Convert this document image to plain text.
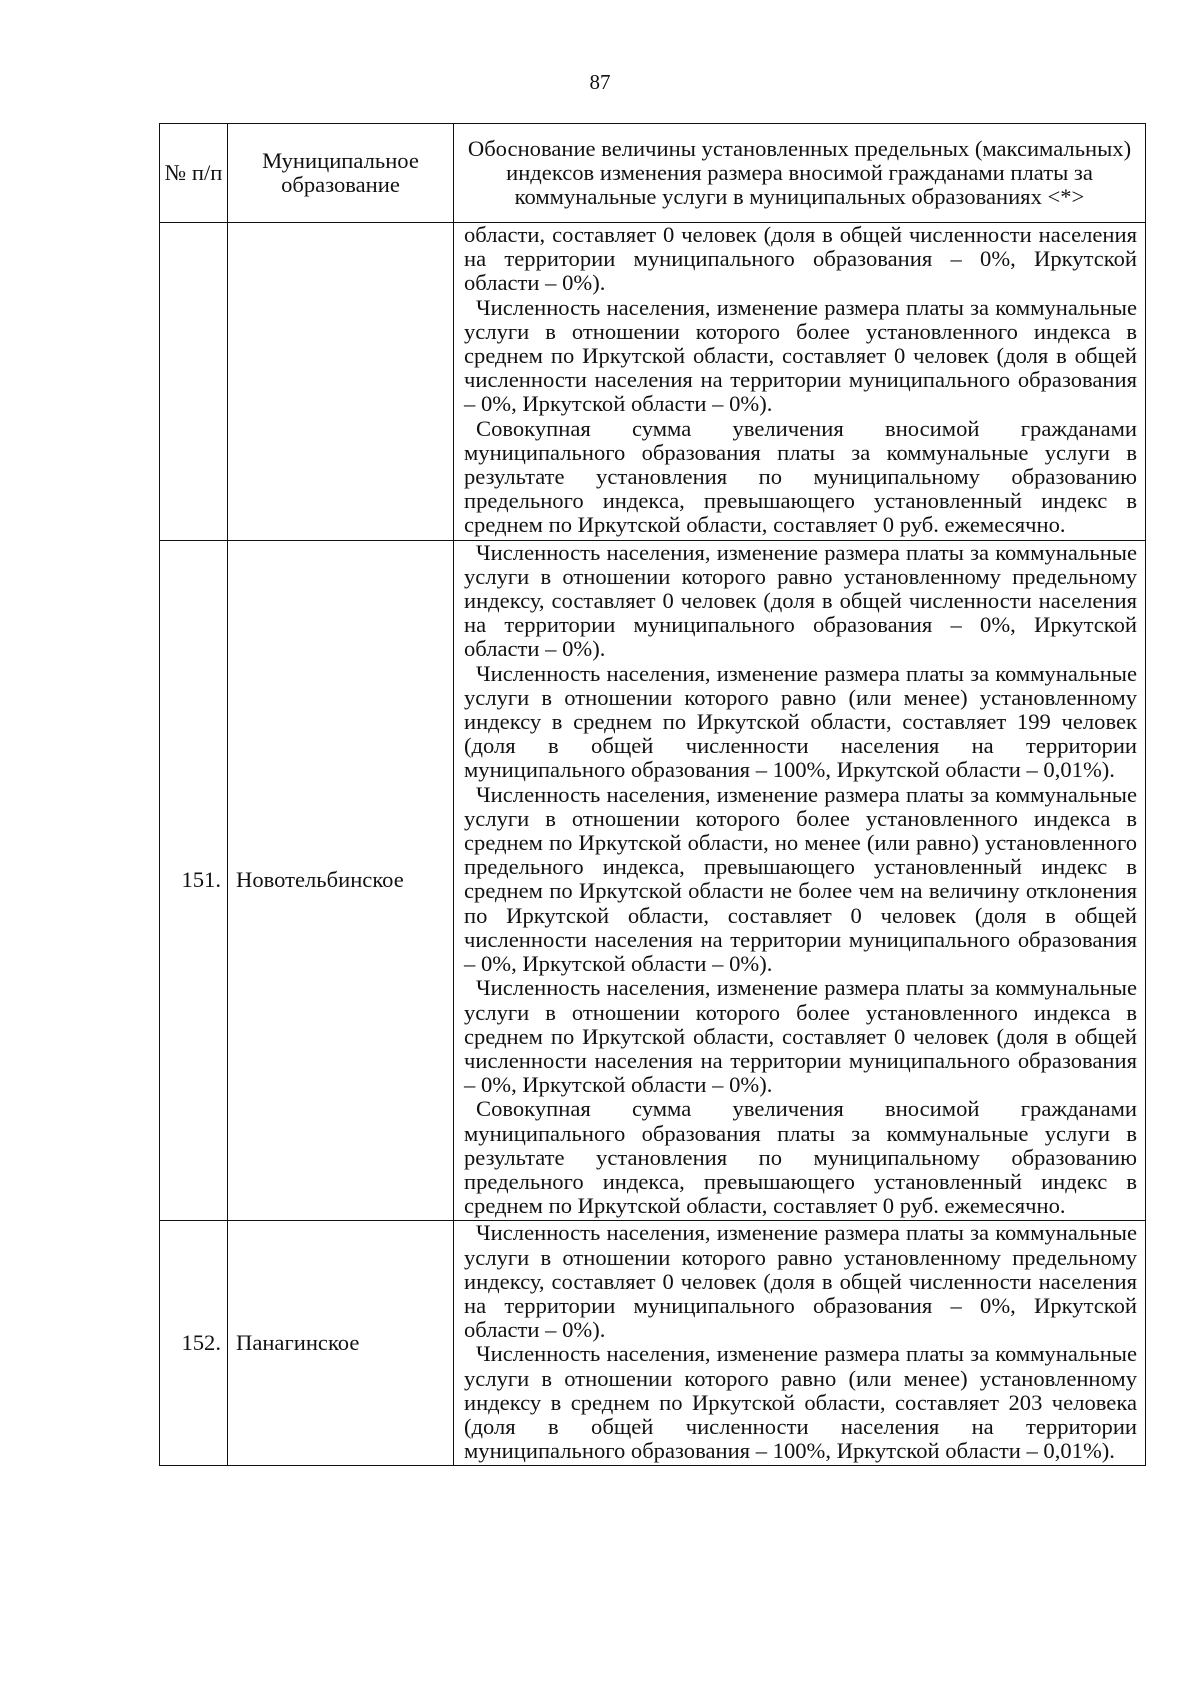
87
№ п/п	Муниципальное образование	Обоснование величины установленных предельных (максимальных) индексов изменения размера вносимой гражданами платы за коммунальные услуги в муниципальных образованиях <*>

		области, составляет 0 человек (доля в общей численности населения на территории муниципального образования – 0%, Иркутской области – 0%).

Численность населения, изменение размера платы за коммунальные услуги в отношении которого более установленного индекса в среднем по Иркутской области, составляет 0 человек (доля в общей численности населения на территории муниципального образования – 0%, Иркутской области – 0%).

Совокупная сумма увеличения вносимой гражданами муниципального образования платы за коммунальные услуги в результате установления по муниципальному образованию предельного индекса, превышающего установленный индекс в среднем по Иркутской области, составляет 0 руб. ежемесячно.

151.	Новотельбинское	Численность населения, изменение размера платы за коммунальные услуги в отношении которого равно установленному предельному индексу, составляет 0 человек (доля в общей численности населения на территории муниципального образования – 0%, Иркутской области – 0%).

Численность населения, изменение размера платы за коммунальные услуги в отношении которого равно (или менее) установленному индексу в среднем по Иркутской области, составляет 199 человек (доля в общей численности населения на территории муниципального образования – 100%, Иркутской области – 0,01%).

Численность населения, изменение размера платы за коммунальные услуги в отношении которого более установленного индекса в среднем по Иркутской области, но менее (или равно) установленного предельного индекса, превышающего установленный индекс в среднем по Иркутской области не более чем на величину отклонения по Иркутской области, составляет 0 человек (доля в общей численности населения на территории муниципального образования – 0%, Иркутской области – 0%).

Численность населения, изменение размера платы за коммунальные услуги в отношении которого более установленного индекса в среднем по Иркутской области, составляет 0 человек (доля в общей численности населения на территории муниципального образования – 0%, Иркутской области – 0%).

Совокупная сумма увеличения вносимой гражданами муниципального образования платы за коммунальные услуги в результате установления по муниципальному образованию предельного индекса, превышающего установленный индекс в среднем по Иркутской области, составляет 0 руб. ежемесячно.

152.	Панагинское	Численность населения, изменение размера платы за коммунальные услуги в отношении которого равно установленному предельному индексу, составляет 0 человек (доля в общей численности населения на территории муниципального образования – 0%, Иркутской области – 0%).

Численность населения, изменение размера платы за коммунальные услуги в отношении которого равно (или менее) установленному индексу в среднем по Иркутской области, составляет 203 человека (доля в общей численности населения на территории муниципального образования – 100%, Иркутской области – 0,01%).
